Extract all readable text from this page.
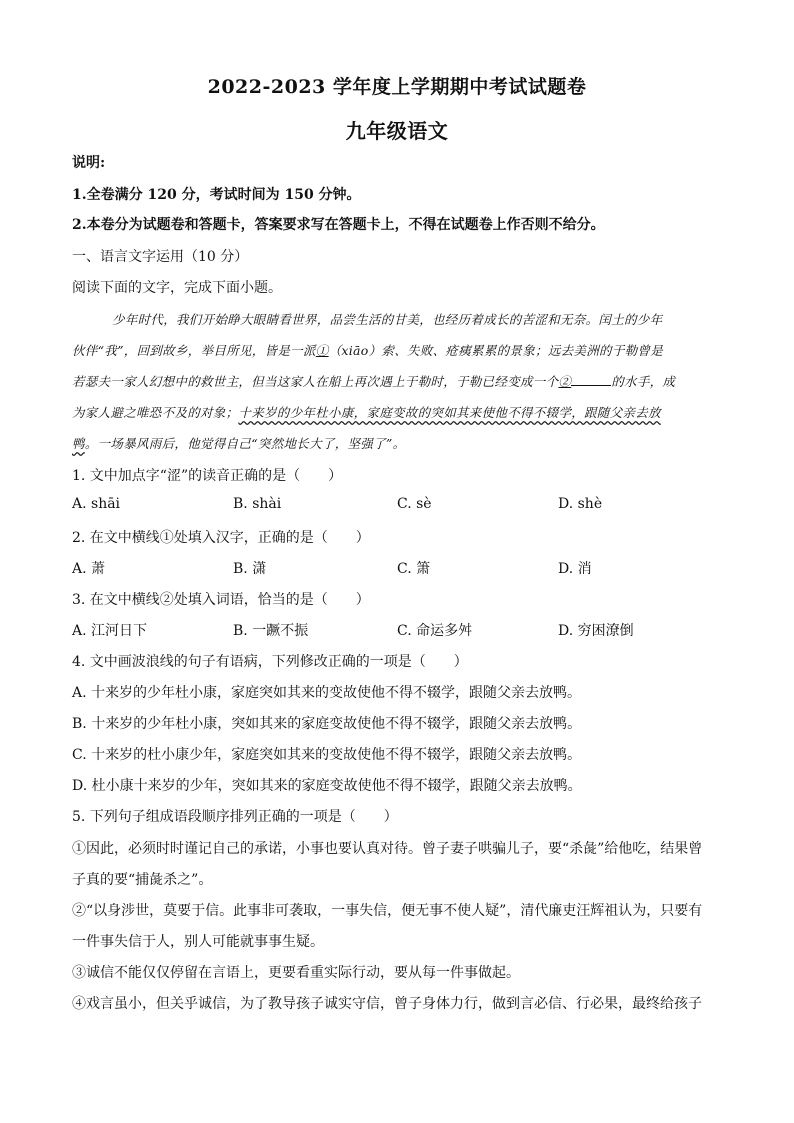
2022-2023 学年度上学期期中考试试题卷
九年级语文
说明:
1.全卷满分 120 分，考试时间为 150 分钟。
2.本卷分为试题卷和答题卡，答案要求写在答题卡上，不得在试题卷上作否则不给分。
一、语言文字运用（10 分）
阅读下面的文字，完成下面小题。
少年时代，我们开始睁大眼睛看世界，品尝生活的甘美，也经历着成长的苦涩和无奈。闰土的少年
伙伴“我”，回到故乡，举目所见，皆是一派①（xiāo）索、失败、疮痍累累的景象；远去美洲的于勒曾是
若瑟夫一家人幻想中的救世主，但当这家人在船上再次遇上于勒时，于勒已经变成一个②	的水手，成
为家人避之唯恐不及的对象；十来岁的少年杜小康，家庭变故的突如其来使他不得不辍学，跟随父亲去放
鸭。一场暴风雨后，他觉得自己“突然地长大了，坚强了”。
1. 文中加点字“涩”的读音正确的是（　　）
A. shāi	B. shài	C. sè	D. shè
2. 在文中横线①处填入汉字，正确的是（　　）
A. 萧	B. 潇	C. 箫	D. 消
3. 在文中横线②处填入词语，恰当的是（　　）
A. 江河日下	B. 一蹶不振	C. 命运多舛	D. 穷困潦倒
4. 文中画波浪线的句子有语病，下列修改正确的一项是（　　）
A. 十来岁的少年杜小康，家庭突如其来的变故使他不得不辍学，跟随父亲去放鸭。
B. 十来岁的少年杜小康，突如其来的家庭变故使他不得不辍学，跟随父亲去放鸭。
C. 十来岁的杜小康少年，家庭突如其来的变故使他不得不辍学，跟随父亲去放鸭。
D. 杜小康十来岁的少年，突如其来的家庭变故使他不得不辍学，跟随父亲去放鸭。
5. 下列句子组成语段顺序排列正确的一项是（　　）
①因此，必须时时谨记自己的承诺，小事也要认真对待。曾子妻子哄骗儿子，要“杀彘”给他吃，结果曾
子真的要“捕彘杀之”。
②“以身涉世，莫要于信。此事非可袭取，一事失信，便无事不使人疑”，清代廉吏汪辉祖认为，只要有
一件事失信于人，别人可能就事事生疑。
③诚信不能仅仅停留在言语上，更要看重实际行动，要从每一件事做起。
④戏言虽小，但关乎诚信，为了教导孩子诚实守信，曾子身体力行，做到言必信、行必果，最终给孩子
